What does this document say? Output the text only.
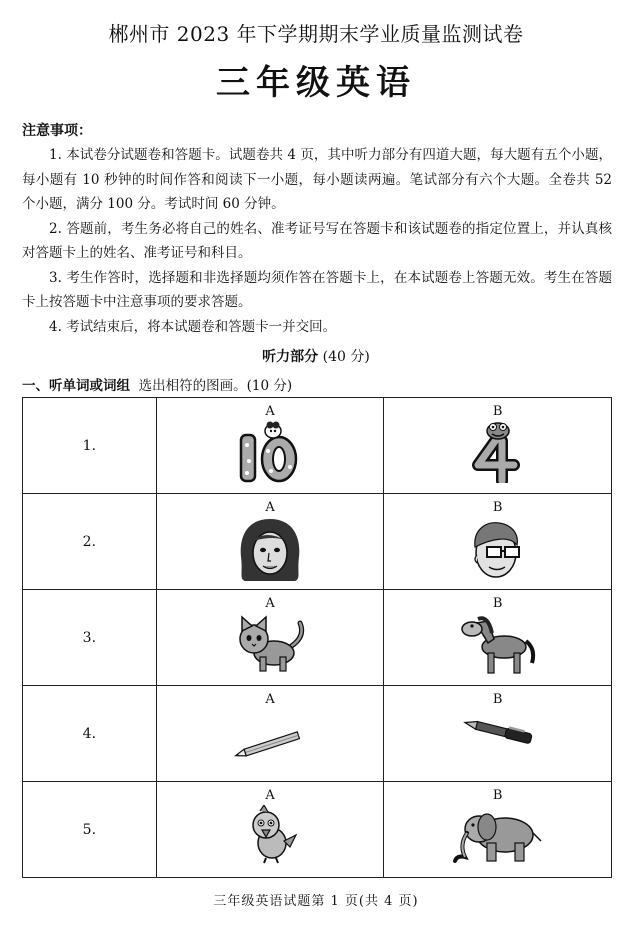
郴州市 2023 年下学期期末学业质量监测试卷
三年级英语
注意事项：

1. 本试卷分试题卷和答题卡。试题卷共 4 页，其中听力部分有四道大题，每大题有五个小题，每小题有 10 秒钟的时间作答和阅读下一小题，每小题读两遍。笔试部分有六个大题。全卷共 52 个小题，满分 100 分。考试时间 60 分钟。

2. 答题前，考生务必将自己的姓名、准考证号写在答题卡和该试题卷的指定位置上，并认真核对答题卡上的姓名、准考证号和科目。

3. 考生作答时，选择题和非选择题均须作答在答题卡上，在本试题卷上答题无效。考生在答题卡上按答题卡中注意事项的要求答题。

4. 考试结束后，将本试题卷和答题卡一并交回。

听力部分 (40 分)
一、听单词或词组 选出相符的图画。(10 分)
1.	A	B

2.	A	B

3.	A	B

4.	A	B

5.	A	B
三年级英语试题第 1 页(共 4 页)
